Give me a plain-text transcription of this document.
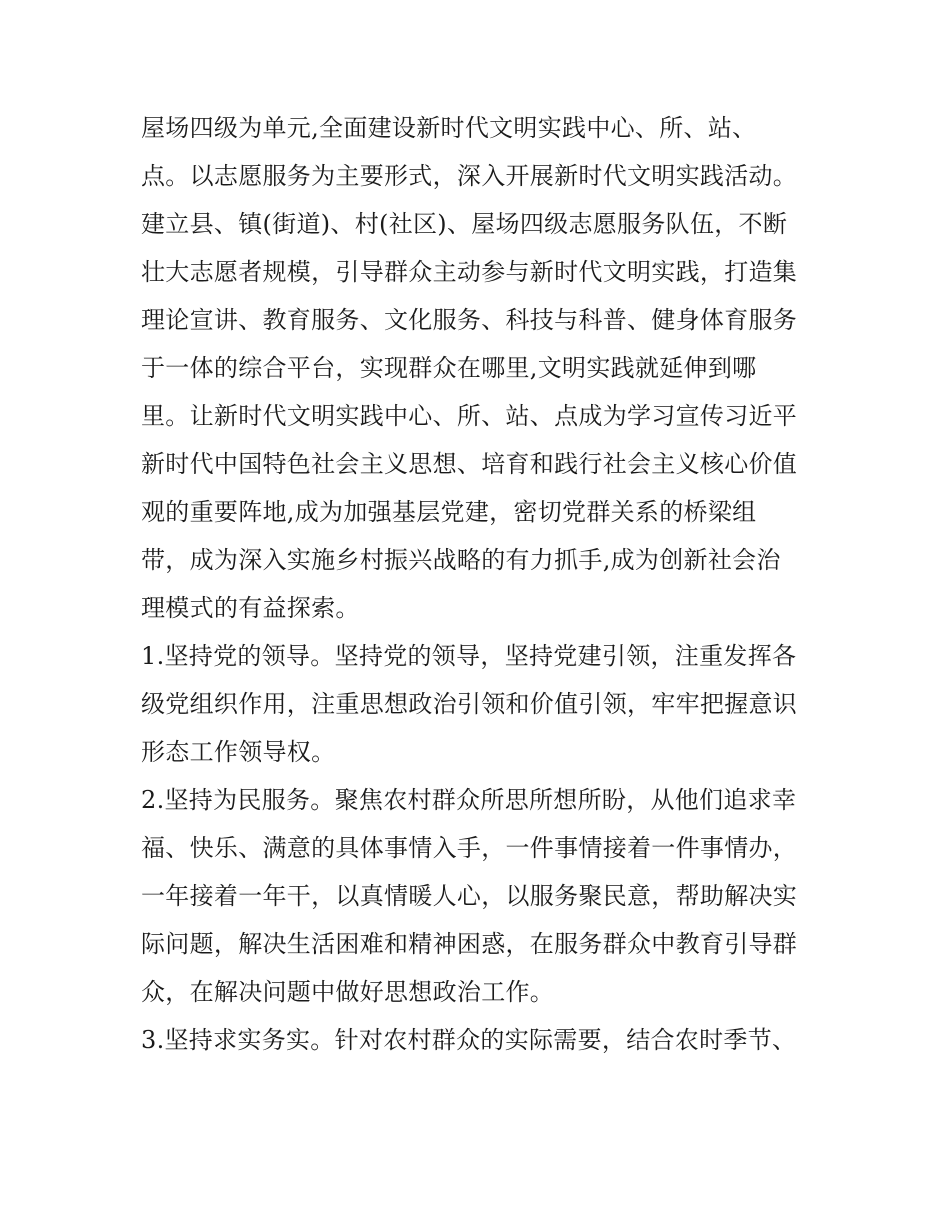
屋场四级为单元,全面建设新时代文明实践中心、所、站、
点。以志愿服务为主要形式，深入开展新时代文明实践活动。
建立县、镇(街道)、村(社区)、屋场四级志愿服务队伍，不断
壮大志愿者规模，引导群众主动参与新时代文明实践，打造集
理论宣讲、教育服务、文化服务、科技与科普、健身体育服务
于一体的综合平台，实现群众在哪里,文明实践就延伸到哪
里。让新时代文明实践中心、所、站、点成为学习宣传习近平
新时代中国特色社会主义思想、培育和践行社会主义核心价值
观的重要阵地,成为加强基层党建，密切党群关系的桥梁组
带，成为深入实施乡村振兴战略的有力抓手,成为创新社会治
理模式的有益探索。
1.坚持党的领导。坚持党的领导，坚持党建引领，注重发挥各
级党组织作用，注重思想政治引领和价值引领，牢牢把握意识
形态工作领导权。
2.坚持为民服务。聚焦农村群众所思所想所盼，从他们追求幸
福、快乐、满意的具体事情入手，一件事情接着一件事情办，
一年接着一年干，以真情暖人心，以服务聚民意，帮助解决实
际问题，解决生活困难和精神困惑，在服务群众中教育引导群
众，在解决问题中做好思想政治工作。
3.坚持求实务实。针对农村群众的实际需要，结合农时季节、
